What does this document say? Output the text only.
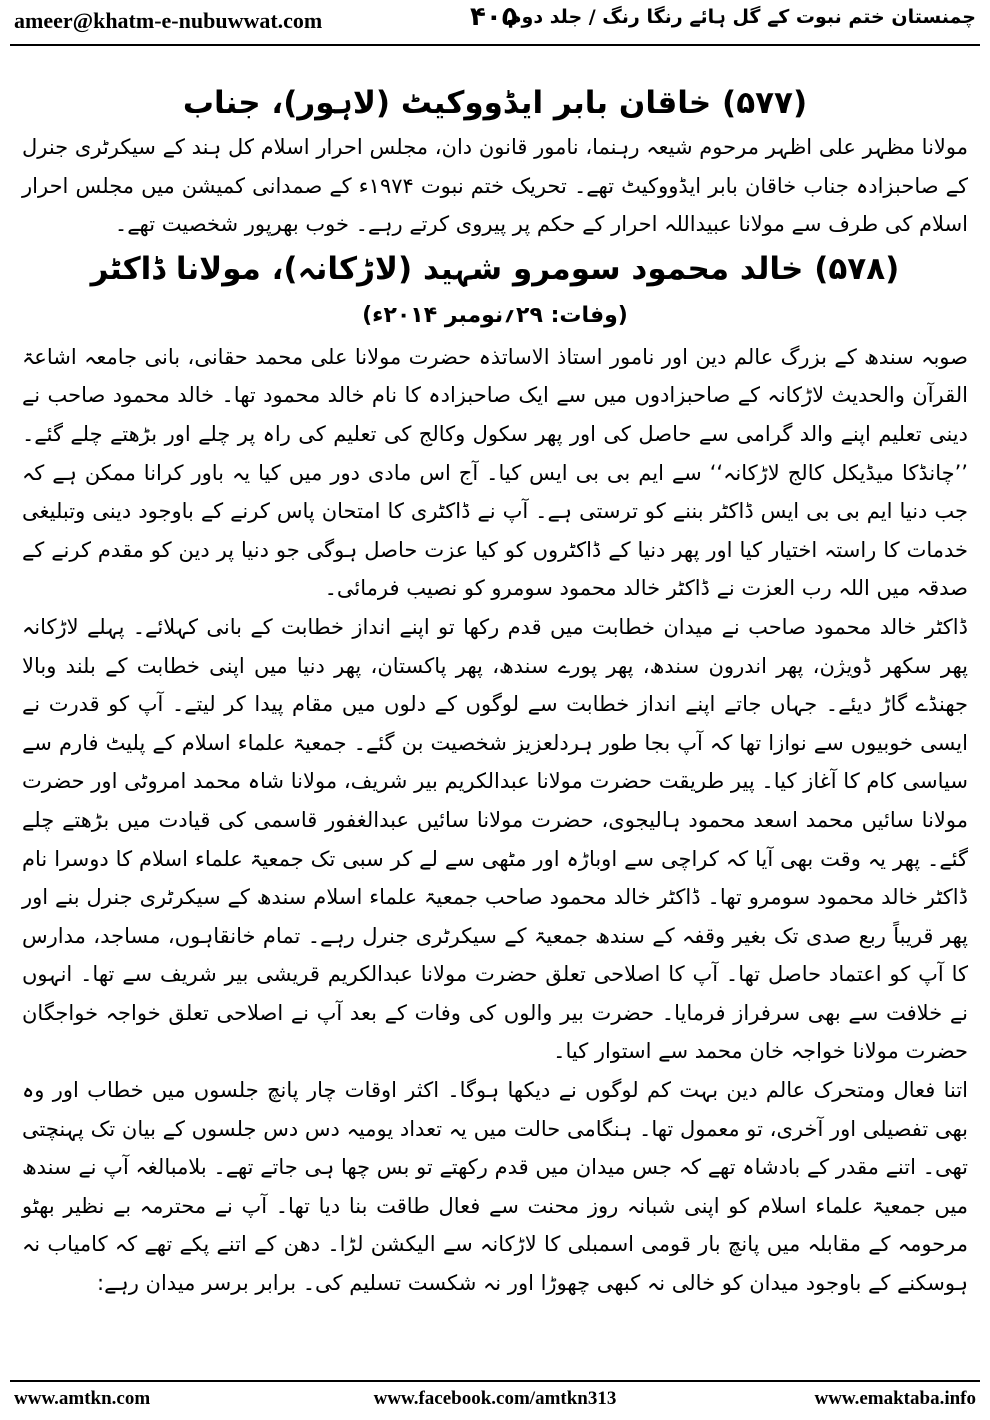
ameer@khatm-e-nubuwwat.com	۴۰۵
چمنستان ختم نبوت کے گل ہائے رنگا رنگ / جلد دوم
(۵۷۷) خاقان بابر ایڈووکیٹ (لاہور)، جناب

مولانا مظہر علی اظہر مرحوم شیعہ رہنما، نامور قانون دان، مجلس احرار اسلام کل ہند کے سیکرٹری جنرل کے صاحبزادہ جناب خاقان بابر ایڈووکیٹ تھے۔ تحریک ختم نبوت ۱۹۷۴ء کے صمدانی کمیشن میں مجلس احرار اسلام کی طرف سے مولانا عبیداللہ احرار کے حکم پر پیروی کرتے رہے۔ خوب بھرپور شخصیت تھے۔

(۵۷۸) خالد محمود سومرو شہید (لاڑکانہ)، مولانا ڈاکٹر
(وفات: ۲۹؍نومبر ۲۰۱۴ء)

صوبہ سندھ کے بزرگ عالم دین اور نامور استاذ الاساتذہ حضرت مولانا علی محمد حقانی، بانی جامعہ اشاعۃ القرآن والحدیث لاڑکانہ کے صاحبزادوں میں سے ایک صاحبزادہ کا نام خالد محمود تھا۔ خالد محمود صاحب نے دینی تعلیم اپنے والد گرامی سے حاصل کی اور پھر سکول وکالج کی تعلیم کی راہ پر چلے اور بڑھتے چلے گئے۔ ’’چانڈکا میڈیکل کالج لاڑکانہ‘‘ سے ایم بی بی ایس کیا۔ آج اس مادی دور میں کیا یہ باور کرانا ممکن ہے کہ جب دنیا ایم بی بی ایس ڈاکٹر بننے کو ترستی ہے۔ آپ نے ڈاکٹری کا امتحان پاس کرنے کے باوجود دینی وتبلیغی خدمات کا راستہ اختیار کیا اور پھر دنیا کے ڈاکٹروں کو کیا عزت حاصل ہوگی جو دنیا پر دین کو مقدم کرنے کے صدقہ میں اللہ رب العزت نے ڈاکٹر خالد محمود سومرو کو نصیب فرمائی۔

ڈاکٹر خالد محمود صاحب نے میدان خطابت میں قدم رکھا تو اپنے انداز خطابت کے بانی کہلائے۔ پہلے لاڑکانہ پھر سکھر ڈویژن، پھر اندرون سندھ، پھر پورے سندھ، پھر پاکستان، پھر دنیا میں اپنی خطابت کے بلند وبالا جھنڈے گاڑ دیئے۔ جہاں جاتے اپنے انداز خطابت سے لوگوں کے دلوں میں مقام پیدا کر لیتے۔ آپ کو قدرت نے ایسی خوبیوں سے نوازا تھا کہ آپ بجا طور ہردلعزیز شخصیت بن گئے۔ جمعیۃ علماء اسلام کے پلیٹ فارم سے سیاسی کام کا آغاز کیا۔ پیر طریقت حضرت مولانا عبدالکریم بیر شریف، مولانا شاہ محمد امروٹی اور حضرت مولانا سائیں محمد اسعد محمود ہالیجوی، حضرت مولانا سائیں عبدالغفور قاسمی کی قیادت میں بڑھتے چلے گئے۔ پھر یہ وقت بھی آیا کہ کراچی سے اوباڑہ اور مٹھی سے لے کر سبی تک جمعیۃ علماء اسلام کا دوسرا نام ڈاکٹر خالد محمود سومرو تھا۔ ڈاکٹر خالد محمود صاحب جمعیۃ علماء اسلام سندھ کے سیکرٹری جنرل بنے اور پھر قریباً ربع صدی تک بغیر وقفہ کے سندھ جمعیۃ کے سیکرٹری جنرل رہے۔ تمام خانقاہوں، مساجد، مدارس کا آپ کو اعتماد حاصل تھا۔ آپ کا اصلاحی تعلق حضرت مولانا عبدالکریم قریشی بیر شریف سے تھا۔ انہوں نے خلافت سے بھی سرفراز فرمایا۔ حضرت بیر والوں کی وفات کے بعد آپ نے اصلاحی تعلق خواجہ خواجگان حضرت مولانا خواجہ خان محمد سے استوار کیا۔

اتنا فعال ومتحرک عالم دین بہت کم لوگوں نے دیکھا ہوگا۔ اکثر اوقات چار پانچ جلسوں میں خطاب اور وہ بھی تفصیلی اور آخری، تو معمول تھا۔ ہنگامی حالت میں یہ تعداد یومیہ دس دس جلسوں کے بیان تک پہنچتی تھی۔ اتنے مقدر کے بادشاہ تھے کہ جس میدان میں قدم رکھتے تو بس چھا ہی جاتے تھے۔ بلامبالغہ آپ نے سندھ میں جمعیۃ علماء اسلام کو اپنی شبانہ روز محنت سے فعال طاقت بنا دیا تھا۔ آپ نے محترمہ بے نظیر بھٹو مرحومہ کے مقابلہ میں پانچ بار قومی اسمبلی کا لاڑکانہ سے الیکشن لڑا۔ دھن کے اتنے پکے تھے کہ کامیاب نہ ہوسکنے کے باوجود میدان کو خالی نہ کبھی چھوڑا اور نہ شکست تسلیم کی۔ برابر برسر میدان رہے:

www.facebook.com/amtkn313
www.amtkn.com	www.emaktaba.info
